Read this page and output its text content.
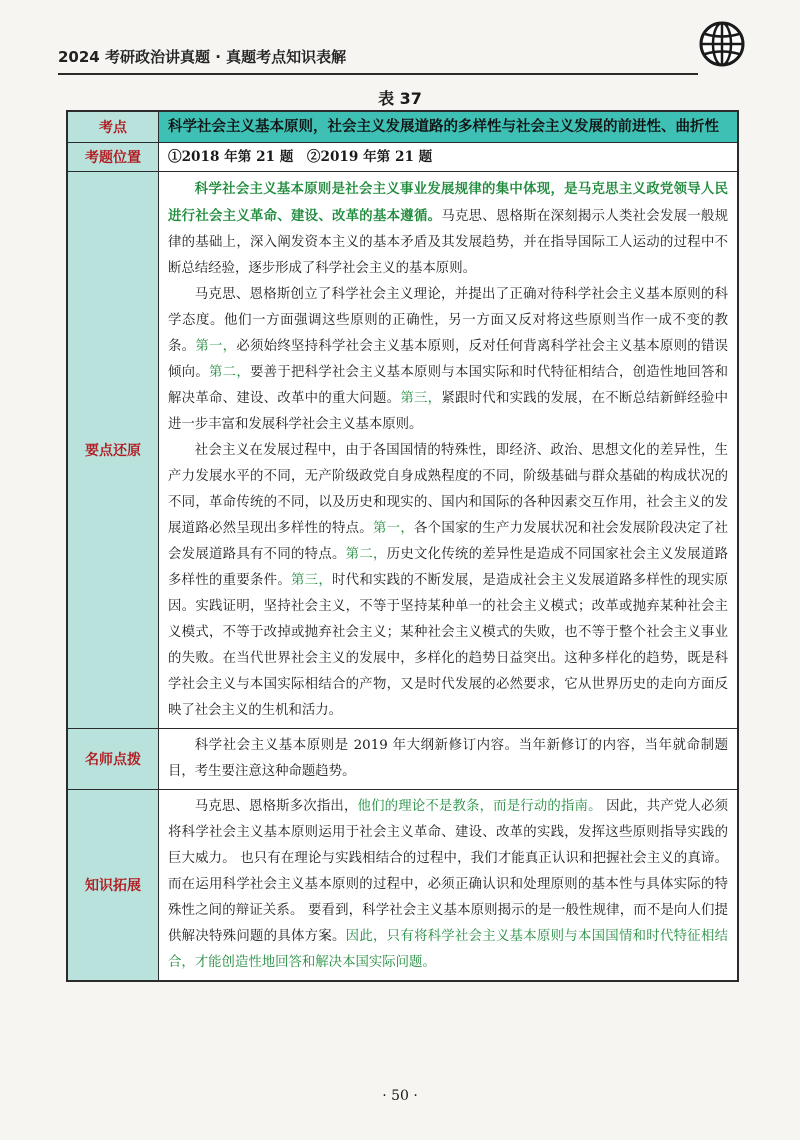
2024 考研政治讲真题 · 真题考点知识表解
表 37
考点	科学社会主义基本原则，社会主义发展道路的多样性与社会主义发展的前进性、曲折性
考题位置	①2018 年第 21 题　②2019 年第 21 题
要点还原

科学社会主义基本原则是社会主义事业发展规律的集中体现，是马克思主义政党领导人民进行社会主义革命、建设、改革的基本遵循。马克思、恩格斯在深刻揭示人类社会发展一般规律的基础上，深入阐发资本主义的基本矛盾及其发展趋势，并在指导国际工人运动的过程中不断总结经验，逐步形成了科学社会主义的基本原则。

马克思、恩格斯创立了科学社会主义理论，并提出了正确对待科学社会主义基本原则的科学态度。他们一方面强调这些原则的正确性，另一方面又反对将这些原则当作一成不变的教条。第一，必须始终坚持科学社会主义基本原则，反对任何背离科学社会主义基本原则的错误倾向。第二，要善于把科学社会主义基本原则与本国实际和时代特征相结合，创造性地回答和解决革命、建设、改革中的重大问题。第三，紧跟时代和实践的发展，在不断总结新鲜经验中进一步丰富和发展科学社会主义基本原则。

社会主义在发展过程中，由于各国国情的特殊性，即经济、政治、思想文化的差异性，生产力发展水平的不同，无产阶级政党自身成熟程度的不同，阶级基础与群众基础的构成状况的不同，革命传统的不同，以及历史和现实的、国内和国际的各种因素交互作用，社会主义的发展道路必然呈现出多样性的特点。第一，各个国家的生产力发展状况和社会发展阶段决定了社会发展道路具有不同的特点。第二，历史文化传统的差异性是造成不同国家社会主义发展道路多样性的重要条件。第三，时代和实践的不断发展，是造成社会主义发展道路多样性的现实原因。实践证明，坚持社会主义，不等于坚持某种单一的社会主义模式；改革或抛弃某种社会主义模式，不等于改掉或抛弃社会主义；某种社会主义模式的失败，也不等于整个社会主义事业的失败。在当代世界社会主义的发展中，多样化的趋势日益突出。这种多样化的趋势，既是科学社会主义与本国实际相结合的产物，又是时代发展的必然要求，它从世界历史的走向方面反映了社会主义的生机和活力。

名师点拨

科学社会主义基本原则是 2019 年大纲新修订内容。当年新修订的内容，当年就命制题目，考生要注意这种命题趋势。

知识拓展

马克思、恩格斯多次指出，他们的理论不是教条，而是行动的指南。 因此，共产党人必须将科学社会主义基本原则运用于社会主义革命、建设、改革的实践，发挥这些原则指导实践的巨大威力。 也只有在理论与实践相结合的过程中，我们才能真正认识和把握社会主义的真谛。 而在运用科学社会主义基本原则的过程中，必须正确认识和处理原则的基本性与具体实际的特殊性之间的辩证关系。 要看到，科学社会主义基本原则揭示的是一般性规律，而不是向人们提供解决特殊问题的具体方案。因此，只有将科学社会主义基本原则与本国国情和时代特征相结合，才能创造性地回答和解决本国实际问题。

· 50 ·
